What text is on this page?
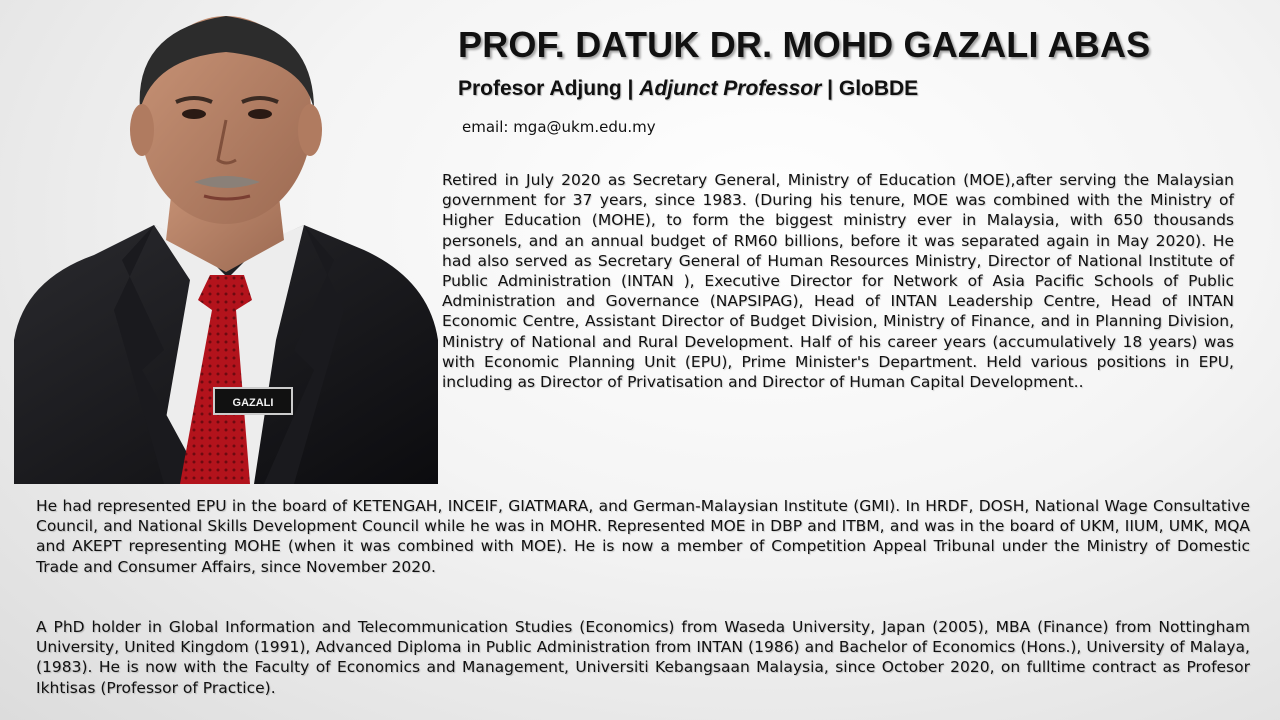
GAZALI
PROF. DATUK DR. MOHD GAZALI ABAS
Profesor Adjung | Adjunct Professor | GloBDE
email: mga@ukm.edu.my
Retired in July 2020 as Secretary General, Ministry of Education (MOE),after serving the Malaysian government for 37 years, since 1983. (During his tenure, MOE was combined with the Ministry of Higher Education (MOHE), to form the biggest ministry ever in Malaysia, with 650 thousands personels, and an annual budget of RM60 billions, before it was separated again in May 2020). He had also served as Secretary General of Human Resources Ministry, Director of National Institute of Public Administration (INTAN ), Executive Director for Network of Asia Pacific Schools of Public Administration and Governance (NAPSIPAG), Head of INTAN Leadership Centre, Head of INTAN Economic Centre, Assistant Director of Budget Division, Ministry of Finance, and in Planning Division, Ministry of National and Rural Development. Half of his career years (accumulatively 18 years) was with Economic Planning Unit (EPU), Prime Minister's Department. Held various positions in EPU, including as Director of Privatisation and Director of Human Capital Development..
He had represented EPU in the board of KETENGAH, INCEIF, GIATMARA, and German-Malaysian Institute (GMI). In HRDF, DOSH, National Wage Consultative Council, and National Skills Development Council while he was in MOHR. Represented MOE in DBP and ITBM, and was in the board of UKM, IIUM, UMK, MQA and AKEPT representing MOHE (when it was combined with MOE). He is now a member of Competition Appeal Tribunal under the Ministry of Domestic Trade and Consumer Affairs, since November 2020.
A PhD holder in Global Information and Telecommunication Studies (Economics) from Waseda University, Japan (2005), MBA (Finance) from Nottingham University, United Kingdom (1991), Advanced Diploma in Public Administration from INTAN (1986) and Bachelor of Economics (Hons.), University of Malaya, (1983). He is now with the Faculty of Economics and Management, Universiti Kebangsaan Malaysia, since October 2020, on fulltime contract as Profesor Ikhtisas (Professor of Practice).
